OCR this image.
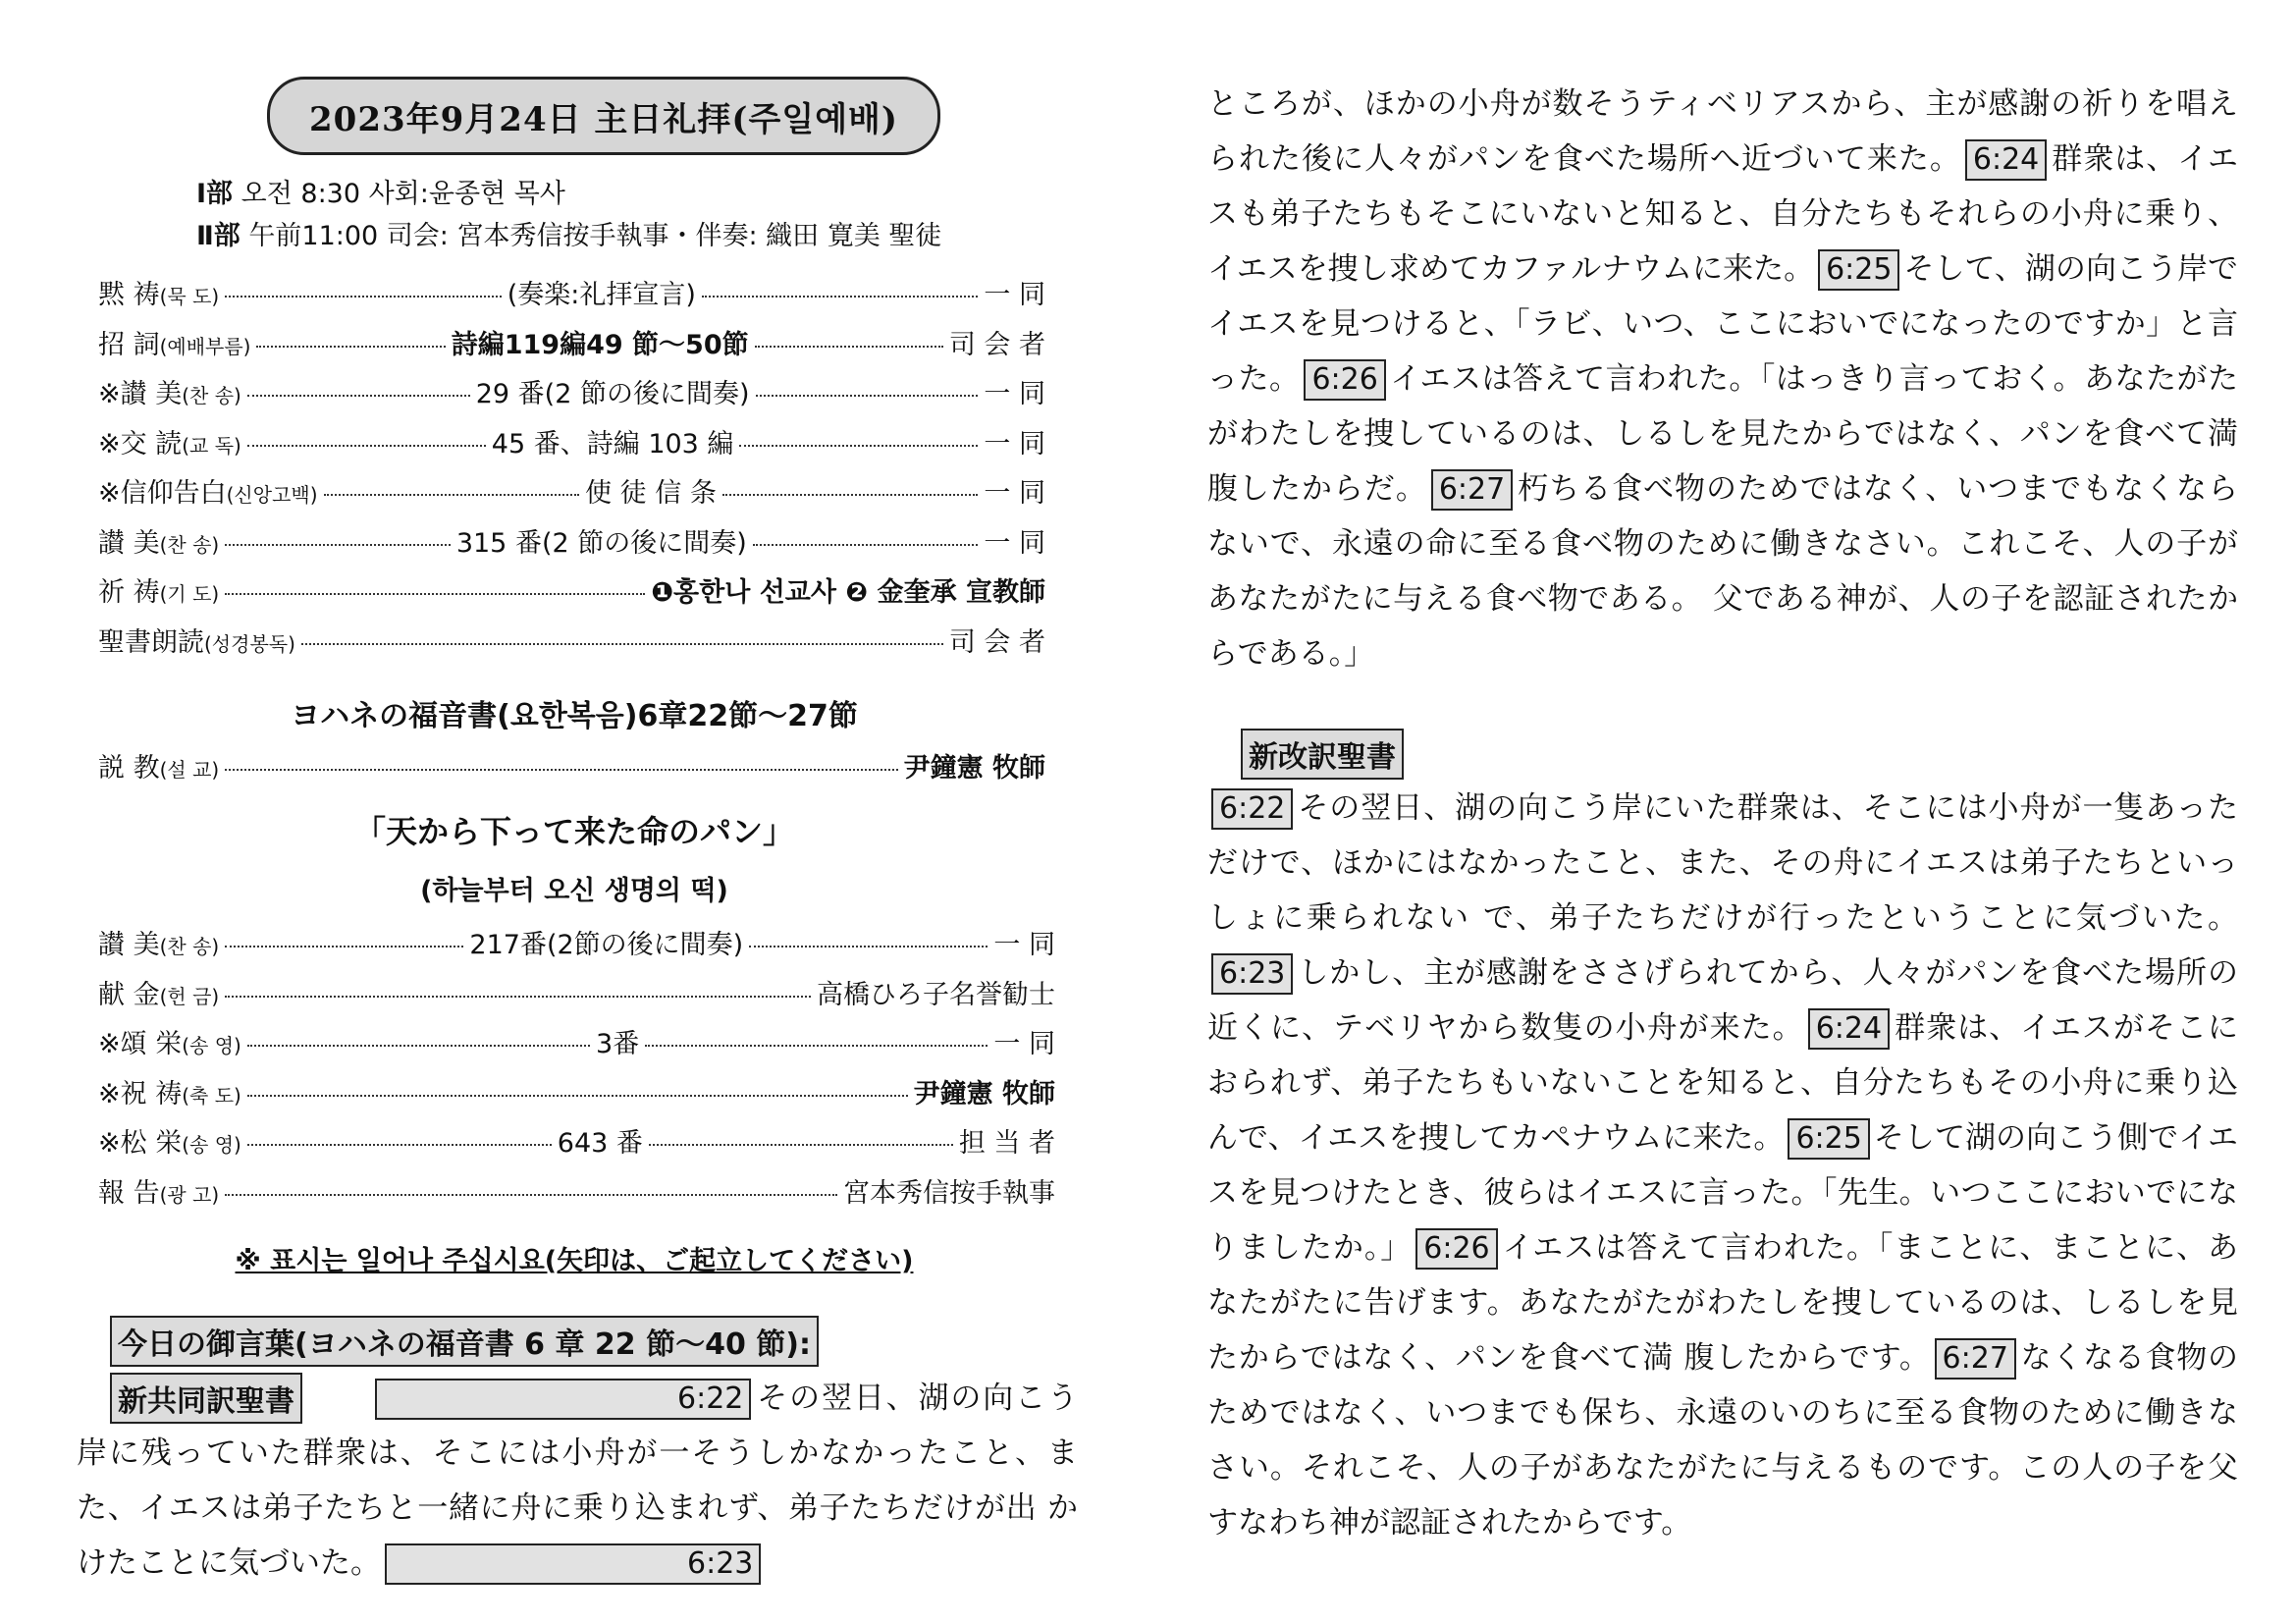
2023年9月24日 主日礼拝(주일예배)
Ⅰ部 오전 8:30 사회:윤종현 목사
Ⅱ部 午前11:00 司会: 宮本秀信按手執事・伴奏: 織田 寛美 聖徒
黙 祷 (묵 도)	(奏楽:礼拝宣言)	一 同
招 詞 (예배부름)	詩編119編49 節～50節	司 会 者
※讃 美 (찬 송)	29 番(2 節の後に間奏)	一 同
※交 読 (교 독)	45 番、詩編 103 編	一 同
※信仰告白 (신앙고백)	使 徒 信 条	一 同
讃 美 (찬 송)	315 番(2 節の後に間奏)	一 同
祈 祷 (기 도)	❶홍한나 선교사 ❷ 金奎承 宣教師
聖書朗読 (성경봉독)	司 会 者
ヨハネの福音書(요한복음)6章22節～27節
説 教 (설 교)	尹鐘憲 牧師
「天から下って来た命のパン」
(하늘부터 오신 생명의 떡)
讃 美 (찬 송)	217番(2節の後に間奏)	一 同
献 金 (헌 금)	高橋ひろ子名誉勧士
※頌 栄 (송 영)	3番	一 同
※祝 祷 (축 도)	尹鐘憲 牧師
※松 栄 (송 영)	643 番	担 当 者
報 告 (광 고)	宮本秀信按手執事
※ 표시는 일어나 주십시요(矢印は、ご起立してください)
今日の御言葉(ヨハネの福音書 6 章 22 節～40 節):
6:22 その翌日、湖の向こう岸に残っていた群衆は、そこには小舟が一そうしかなかったこと、また、イエスは弟子たちと一緒に舟に乗り込まれず、弟子たちだけが出 かけたことに気づいた。	6:23
新共同訳聖書
ところが、ほかの小舟が数そうティベリアスから、主が感謝の祈りを唱えられた後に人々がパンを食べた場所へ近づいて来た。 6:24 群衆は、イエスも弟子たちもそこにいないと知ると、自分たちもそれらの小舟に乗り、イエスを捜し求めてカファルナウムに来た。 6:25 そして、湖の向こう岸でイエスを見つけると、「ラビ、いつ、ここにおいでになったのですか」と言った。 6:26 イエスは答えて言われた。「はっきり言っておく。あなたがたがわたしを捜しているのは、しるしを見たからではなく、パンを食べて満腹したからだ。 6:27 朽ちる食べ物のためではなく、いつまでもなくならないで、永遠の命に至る食べ物のために働きなさい。これこそ、人の子があなたがたに与える食べ物である。 父である神が、人の子を認証されたからである。」
新改訳聖書
6:22 その翌日、湖の向こう岸にいた群衆は、そこには小舟が一隻あっただけで、ほかにはなかったこと、また、その舟にイエスは弟子たちといっしょに乗られない で、弟子たちだけが行ったということに気づいた。6:23 しかし、主が感謝をささげられてから、人々がパンを食べた場所の近くに、テベリヤから数隻の小舟が来た。 6:24 群衆は、イエスがそこにおられず、弟子たちもいないことを知ると、自分たちもその小舟に乗り込んで、イエスを捜してカペナウムに来た。 6:25 そして湖の向こう側でイエスを見つけたとき、彼らはイエスに言った。「先生。いつここにおいでになりましたか。」 6:26 イエスは答えて言われた。「まことに、まことに、あなたがたに告げます。あなたがたがわたしを捜しているのは、しるしを見たからではなく、パンを食べて満 腹したからです。 6:27 なくなる食物のためではなく、いつまでも保ち、永遠のいのちに至る食物のために働きなさい。それこそ、人の子があなたがたに与えるものです。この人の子を父すなわち神が認証されたからです。
